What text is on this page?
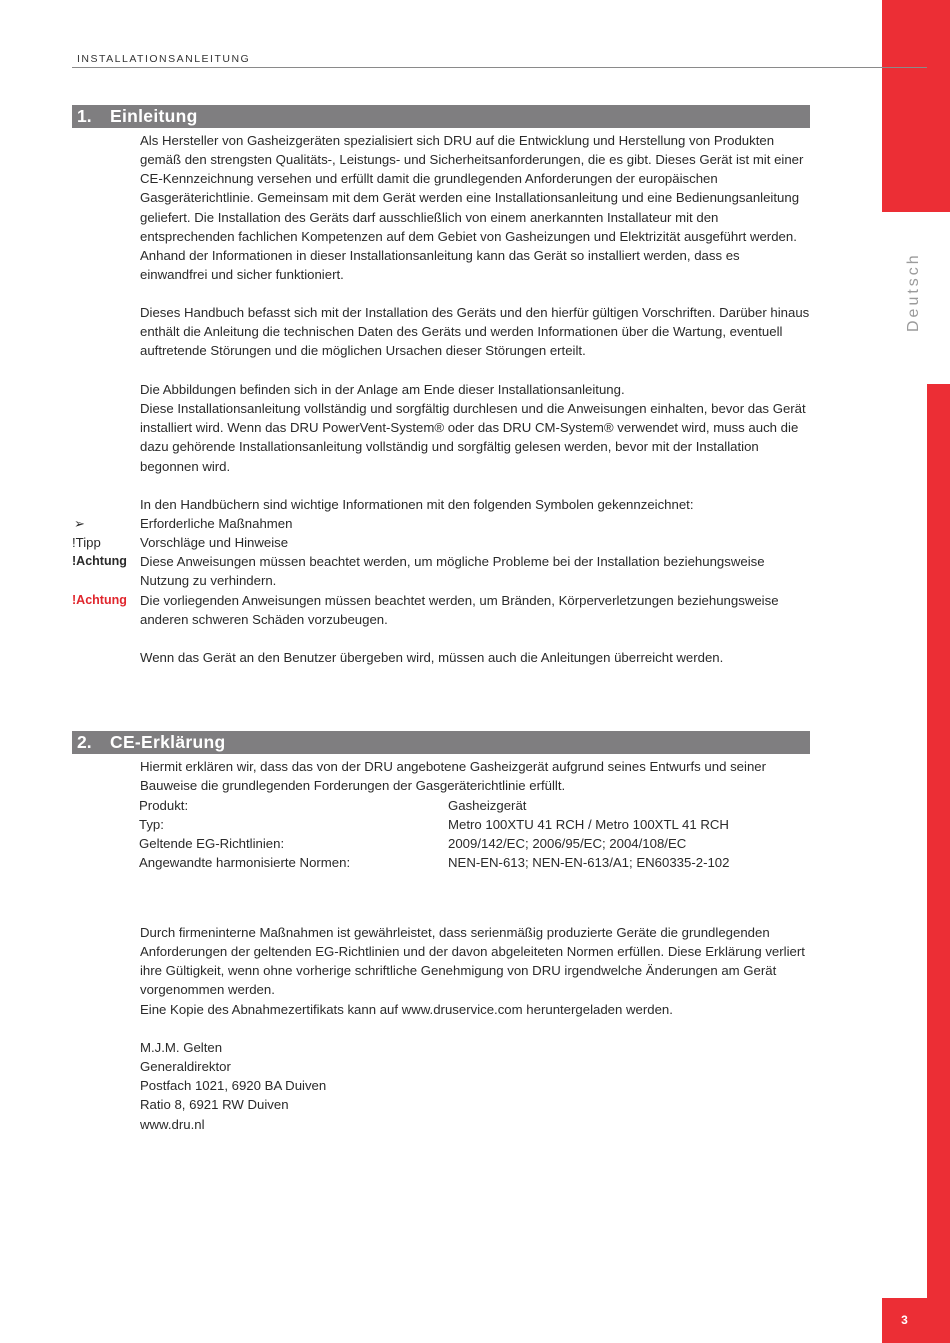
Deutsch
INSTALLATIONSANLEITUNG
1. Einleitung

Als Hersteller von Gasheizgeräten spezialisiert sich DRU auf die Entwicklung und Herstellung von Produkten gemäß den strengsten Qualitäts-, Leistungs- und Sicherheitsanforderungen, die es gibt. Dieses Gerät ist mit einer CE-Kennzeichnung versehen und erfüllt damit die grundlegenden Anforderungen der europäischen Gasgeräterichtlinie. Gemeinsam mit dem Gerät werden eine Installationsanleitung und eine Bedienungsanleitung geliefert. Die Installation des Geräts darf ausschließlich von einem anerkannten Installateur mit den entsprechenden fachlichen Kompetenzen auf dem Gebiet von Gasheizungen und Elektrizität ausgeführt werden. Anhand der Informationen in dieser Installationsanleitung kann das Gerät so installiert werden, dass es einwandfrei und sicher funktioniert.

Dieses Handbuch befasst sich mit der Installation des Geräts und den hierfür gültigen Vorschriften. Darüber hinaus enthält die Anleitung die technischen Daten des Geräts und werden Informationen über die Wartung, eventuell auftretende Störungen und die möglichen Ursachen dieser Störungen erteilt.

Die Abbildungen befinden sich in der Anlage am Ende dieser Installationsanleitung.

Diese Installationsanleitung vollständig und sorgfältig durchlesen und die Anweisungen einhalten, bevor das Gerät installiert wird. Wenn das DRU PowerVent-System® oder das DRU CM-System® verwendet wird, muss auch die dazu gehörende Installationsanleitung vollständig und sorgfältig gelesen werden, bevor mit der Installation begonnen wird.

In den Handbüchern sind wichtige Informationen mit den folgenden Symbolen gekennzeichnet:

➢	Erforderliche Maßnahmen
!Tipp	Vorschläge und Hinweise
!Achtung Diese Anweisungen müssen beachtet werden, um mögliche Probleme bei der Installation beziehungsweise Nutzung zu verhindern.
!Achtung Die vorliegenden Anweisungen müssen beachtet werden, um Bränden, Körperverletzungen beziehungsweise anderen schweren Schäden vorzubeugen.

Wenn das Gerät an den Benutzer übergeben wird, müssen auch die Anleitungen überreicht werden.

2. CE-Erklärung

Hiermit erklären wir, dass das von der DRU angebotene Gasheizgerät aufgrund seines Entwurfs und seiner Bauweise die grundlegenden Forderungen der Gasgeräterichtlinie erfüllt.

Produkt:	Gasheizgerät
Typ:	Metro 100XTU 41 RCH / Metro 100XTL 41 RCH
Geltende EG-Richtlinien:	2009/142/EC; 2006/95/EC; 2004/108/EC
Angewandte harmonisierte Normen:	NEN-EN-613; NEN-EN-613/A1; EN60335-2-102

Durch firmeninterne Maßnahmen ist gewährleistet, dass serienmäßig produzierte Geräte die grundlegenden Anforderungen der geltenden EG-Richtlinien und der davon abgeleiteten Normen erfüllen. Diese Erklärung verliert ihre Gültigkeit, wenn ohne vorherige schriftliche Genehmigung von DRU irgendwelche Änderungen am Gerät vorgenommen werden.

Eine Kopie des Abnahmezertifikats kann auf www.druservice.com heruntergeladen werden.

M.J.M. Gelten

Generaldirektor

Postfach 1021, 6920 BA Duiven

Ratio 8, 6921 RW Duiven

www.dru.nl

3
